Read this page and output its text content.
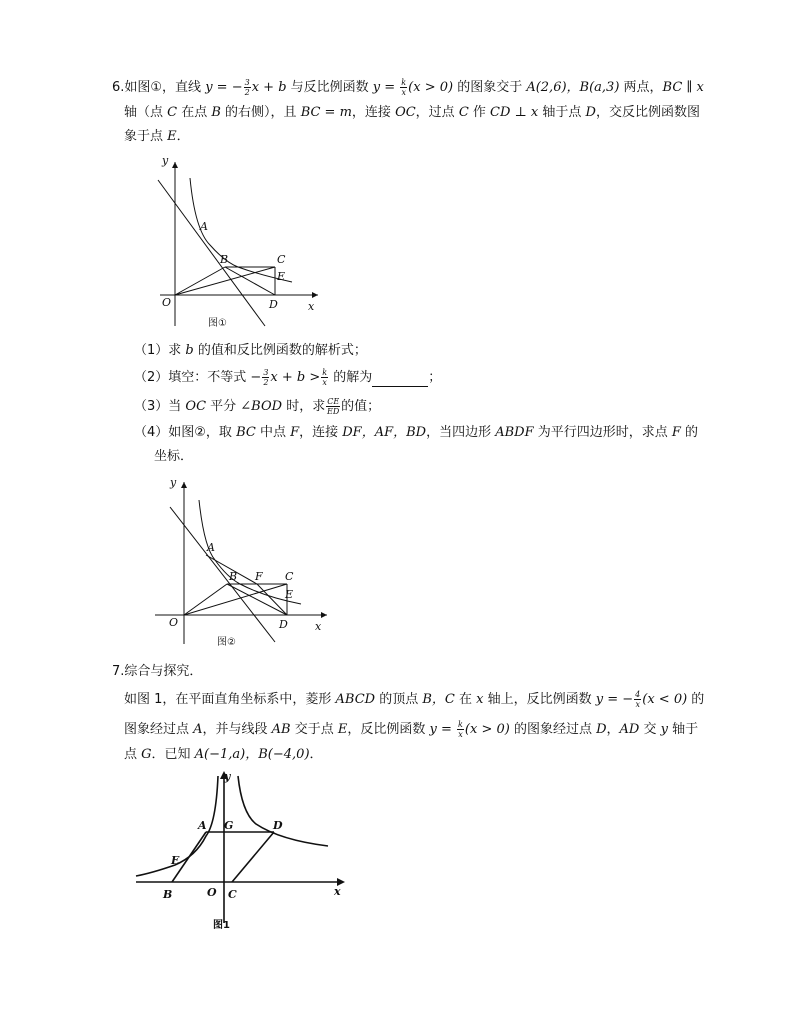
6.如图①，直线 y = − $\frac{3}{2}$ x + b 与反比例函数 $y = \frac{k}{x} (x > 0)$ 的图象交于 A(2,6)，B(a,3) 两点，BC ∥ x
轴（点 C 在点 B 的右侧），且 BC = m，连接 OC，过点 C 作 CD ⊥ x 轴于点 D，交反比例函数图
象于点 E．
y
x
O
A
B	C
E
D
图①
（1）求 b 的值和反比例函数的解析式；
（2）填空：不等式 − $\frac{3}{2}$ $x + b > \frac{k}{x}$ 的解为	；
（3）当 OC 平分 ∠BOD 时，求 $\frac{CE}{ED}$ 的值；
（4）如图②，取 BC 中点 F，连接 DF，AF，BD，当四边形 ABDF 为平行四边形时，求点 F 的
坐标．
y
x
O
A
B F C
E
D
图②
7.综合与探究．
如图 1，在平面直角坐标系中，菱形 ABCD 的顶点 B，C 在 x 轴上，反比例函数 y = − $\frac{4}{x} (x < 0)$ 的
图象经过点 A，并与线段 AB 交于点 E，反比例函数 $y = \frac{k}{x} (x > 0)$ 的图象经过点 D，AD 交 y 轴于
点 G．已知 A(−1,a)，B(−4,0)．
y
x
O
A G	D
E
B	C
图1
